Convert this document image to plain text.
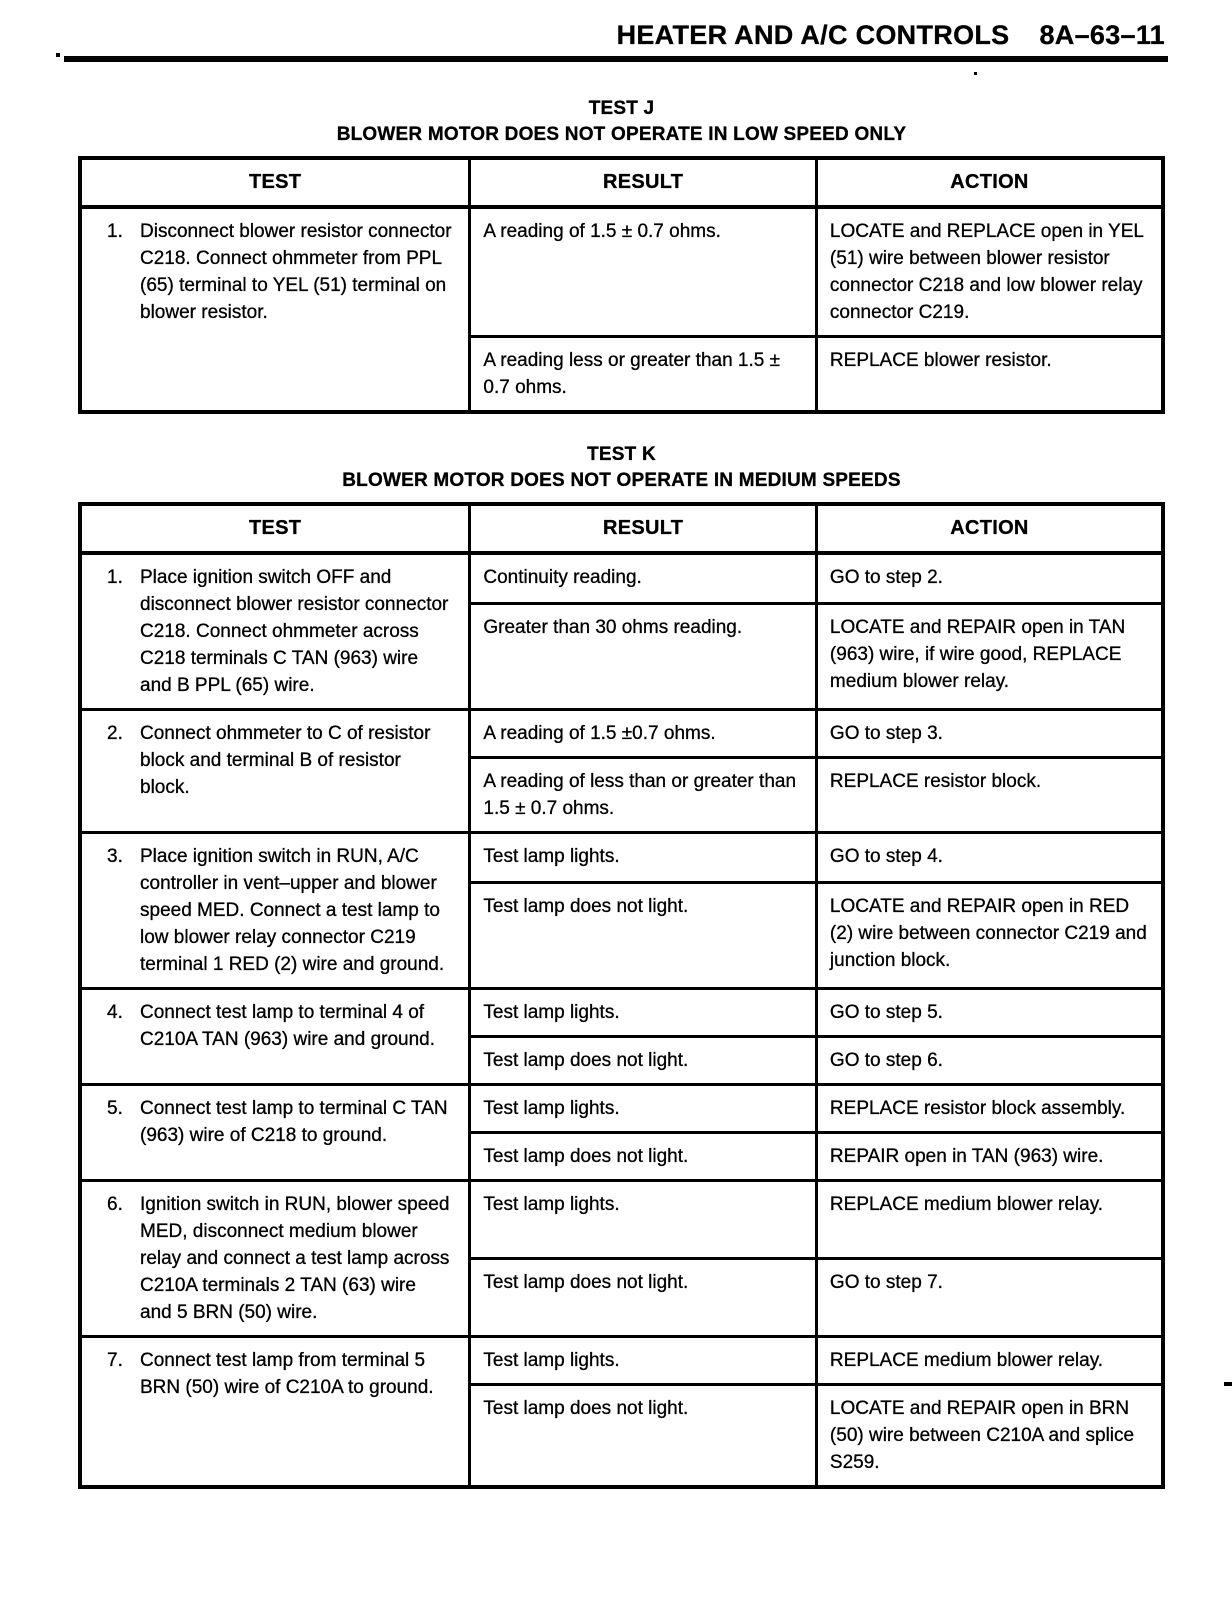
HEATER AND A/C CONTROLS 8A–63–11
TEST J
BLOWER MOTOR DOES NOT OPERATE IN LOW SPEED ONLY
TEST	RESULT	ACTION

1. Disconnect blower resistor connector C218. Connect ohmmeter from PPL (65) terminal to YEL (51) terminal on blower resistor.	A reading of 1.5 ± 0.7 ohms.	LOCATE and REPLACE open in YEL (51) wire between blower resistor connector C218 and low blower relay connector C219.
	A reading less or greater than 1.5 ± 0.7 ohms.	REPLACE blower resistor.
TEST K
BLOWER MOTOR DOES NOT OPERATE IN MEDIUM SPEEDS
TEST	RESULT	ACTION

1. Place ignition switch OFF and disconnect blower resistor connector C218. Connect ohmmeter across C218 terminals C TAN (963) wire and B PPL (65) wire.	Continuity reading.	GO to step 2.
	Greater than 30 ohms reading.	LOCATE and REPAIR open in TAN (963) wire, if wire good, REPLACE medium blower relay.

2. Connect ohmmeter to C of resistor block and terminal B of resistor block.	A reading of 1.5 ±0.7 ohms.	GO to step 3.
	A reading of less than or greater than 1.5 ± 0.7 ohms.	REPLACE resistor block.

3. Place ignition switch in RUN, A/C controller in vent–upper and blower speed MED. Connect a test lamp to low blower relay connector C219 terminal 1 RED (2) wire and ground.	Test lamp lights.	GO to step 4.
	Test lamp does not light.	LOCATE and REPAIR open in RED (2) wire between connector C219 and junction block.

4. Connect test lamp to terminal 4 of C210A TAN (963) wire and ground.	Test lamp lights.	GO to step 5.
	Test lamp does not light.	GO to step 6.

5. Connect test lamp to terminal C TAN (963) wire of C218 to ground.	Test lamp lights.	REPLACE resistor block assembly.
	Test lamp does not light.	REPAIR open in TAN (963) wire.

6. Ignition switch in RUN, blower speed MED, disconnect medium blower relay and connect a test lamp across C210A terminals 2 TAN (63) wire and 5 BRN (50) wire.	Test lamp lights.	REPLACE medium blower relay.
	Test lamp does not light.	GO to step 7.

7. Connect test lamp from terminal 5 BRN (50) wire of C210A to ground.	Test lamp lights.	REPLACE medium blower relay.
	Test lamp does not light.	LOCATE and REPAIR open in BRN (50) wire between C210A and splice S259.
